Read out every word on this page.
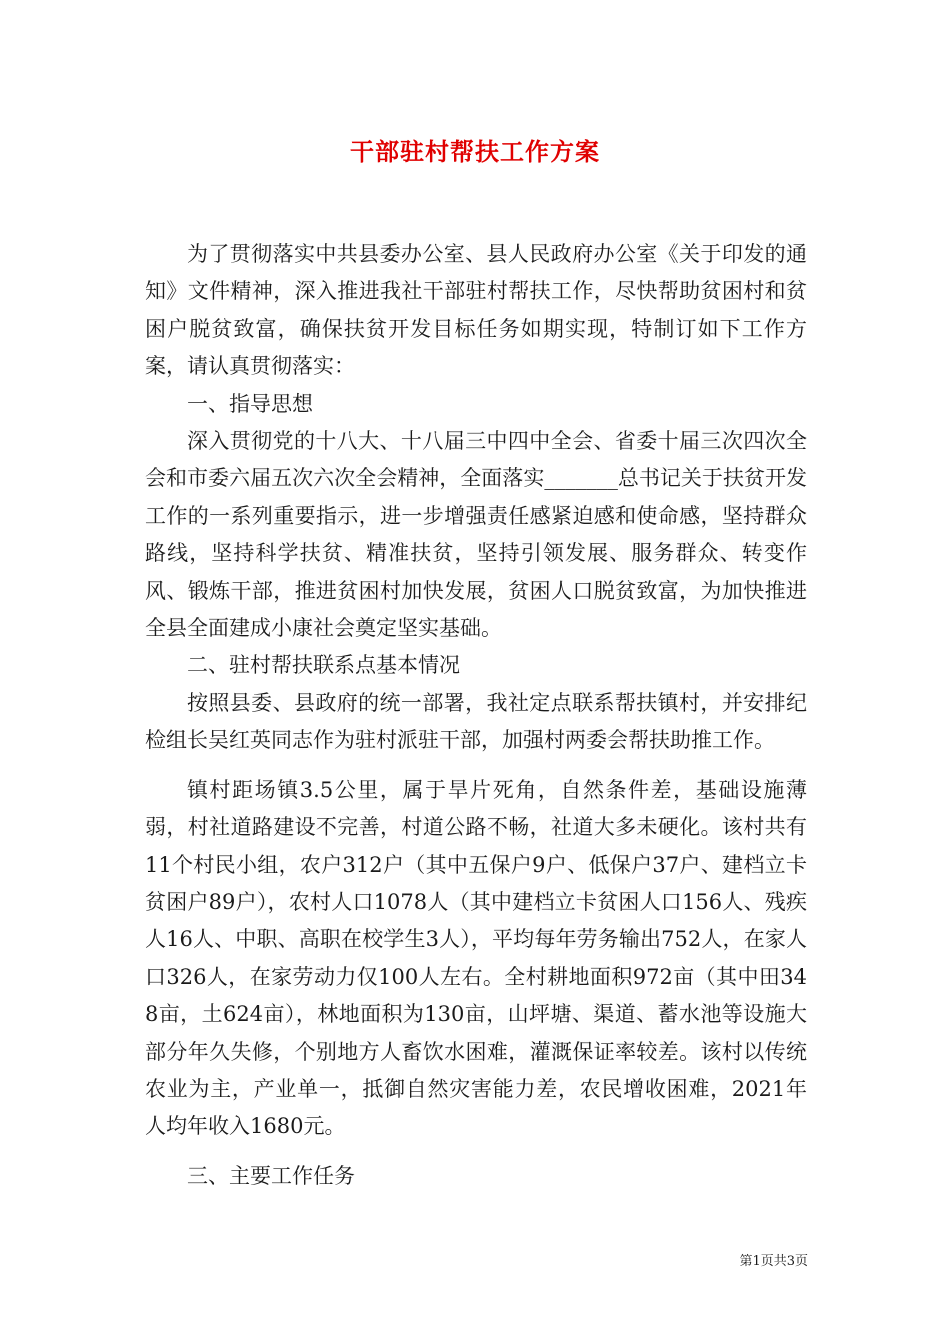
干部驻村帮扶工作方案

为了贯彻落实中共县委办公室、县人民政府办公室《关于印发的通知》文件精神，深入推进我社干部驻村帮扶工作，尽快帮助贫困村和贫困户脱贫致富，确保扶贫开发目标任务如期实现，特制订如下工作方案，请认真贯彻落实：

一、指导思想

深入贯彻党的十八大、十八届三中四中全会、省委十届三次四次全会和市委六届五次六次全会精神，全面落实_______总书记关于扶贫开发工作的一系列重要指示，进一步增强责任感紧迫感和使命感，坚持群众路线，坚持科学扶贫、精准扶贫，坚持引领发展、服务群众、转变作风、锻炼干部，推进贫困村加快发展，贫困人口脱贫致富，为加快推进全县全面建成小康社会奠定坚实基础。

二、驻村帮扶联系点基本情况

按照县委、县政府的统一部署，我社定点联系帮扶镇村，并安排纪检组长吴红英同志作为驻村派驻干部，加强村两委会帮扶助推工作。

镇村距场镇3.5公里，属于旱片死角，自然条件差，基础设施薄弱，村社道路建设不完善，村道公路不畅，社道大多未硬化。该村共有11个村民小组，农户312户（其中五保户9户、低保户37户、建档立卡贫困户89户），农村人口1078人（其中建档立卡贫困人口156人、残疾人16人、中职、高职在校学生3人），平均每年劳务输出752人，在家人口326人，在家劳动力仅100人左右。全村耕地面积972亩（其中田348亩，土624亩），林地面积为130亩，山坪塘、渠道、蓄水池等设施大部分年久失修，个别地方人畜饮水困难，灌溉保证率较差。该村以传统农业为主，产业单一，抵御自然灾害能力差，农民增收困难，2021年人均年收入1680元。

三、主要工作任务

第1页共3页
